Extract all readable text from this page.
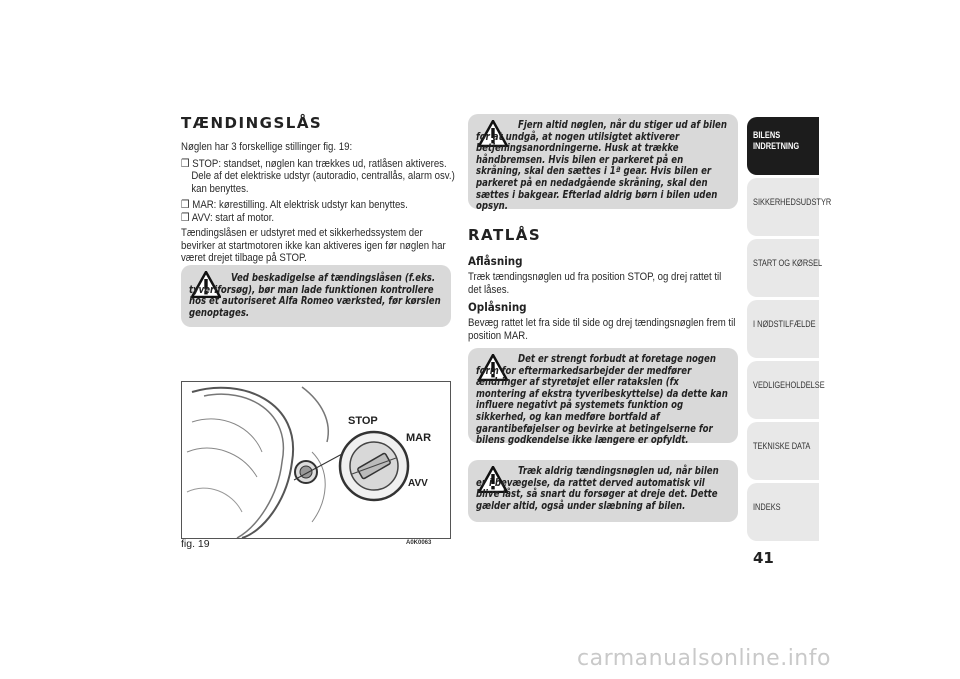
TÆNDINGSLÅS

Nøglen har 3 forskellige stillinger fig. 19:

❒ STOP: standset, nøglen kan trækkes ud, ratlåsen aktiveres. Dele af det elektriske udstyr (autoradio, centrallås, alarm osv.) kan benyttes.
❒ MAR: kørestilling. Alt elektrisk udstyr kan benyttes.
❒ AVV: start af motor.

Tændingslåsen er udstyret med et sikkerhedssystem der bevirker at startmotoren ikke kan aktiveres igen før nøglen har været drejet tilbage på STOP.

Ved beskadigelse af tændingslåsen (f.eks. tyveriforsøg), bør man lade funktionen kontrollere hos et autoriseret Alfa Romeo værksted, før kørslen genoptages.
STOP
MAR
AVV
fig. 19	A0K0063
Fjern altid nøglen, når du stiger ud af bilen for at undgå, at nogen utilsigtet aktiverer betjeningsanordningerne. Husk at trække håndbremsen. Hvis bilen er parkeret på en skråning, skal den sættes i 1ª gear. Hvis bilen er parkeret på en nedadgående skråning, skal den sættes i bakgear. Efterlad aldrig børn i bilen uden opsyn.
RATLÅS
Aflåsning

Træk tændingsnøglen ud fra position STOP, og drej rattet til det låses.

Oplåsning

Bevæg rattet let fra side til side og drej tændingsnøglen frem til position MAR.

Det er strengt forbudt at foretage nogen form for eftermarkedsarbejder der medfører ændringer af styretøjet eller ratakslen (fx montering af ekstra tyveribeskyttelse) da dette kan influere negativt på systemets funktion og sikkerhed, og kan medføre bortfald af garantibeføjelser og bevirke at betingelserne for bilens godkendelse ikke længere er opfyldt.
Træk aldrig tændingsnøglen ud, når bilen er i bevægelse, da rattet derved automatisk vil blive låst, så snart du forsøger at dreje det. Dette gælder altid, også under slæbning af bilen.
BILENS
INDRETNING
SIKKERHEDSUDSTYR
START OG KØRSEL
I NØDSTILFÆLDE
VEDLIGEHOLDELSE
TEKNISKE DATA
INDEKS
41
carmanualsonline.info
